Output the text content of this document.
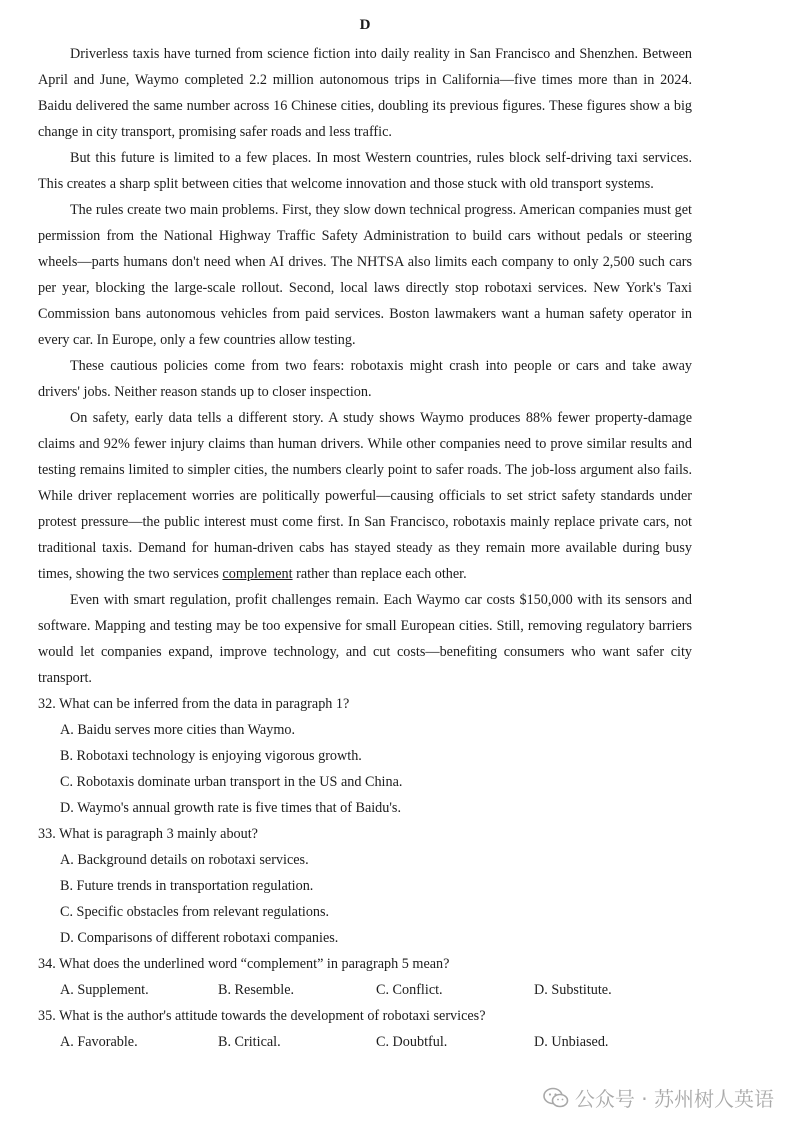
D

Driverless taxis have turned from science fiction into daily reality in San Francisco and Shenzhen. Between April and June, Waymo completed 2.2 million autonomous trips in California—five times more than in 2024. Baidu delivered the same number across 16 Chinese cities, doubling its previous figures. These figures show a big change in city transport, promising safer roads and less traffic.

But this future is limited to a few places. In most Western countries, rules block self-driving taxi services. This creates a sharp split between cities that welcome innovation and those stuck with old transport systems.

The rules create two main problems. First, they slow down technical progress. American companies must get permission from the National Highway Traffic Safety Administration to build cars without pedals or steering wheels—parts humans don't need when AI drives. The NHTSA also limits each company to only 2,500 such cars per year, blocking the large-scale rollout. Second, local laws directly stop robotaxi services. New York's Taxi Commission bans autonomous vehicles from paid services. Boston lawmakers want a human safety operator in every car. In Europe, only a few countries allow testing.

These cautious policies come from two fears: robotaxis might crash into people or cars and take away drivers' jobs. Neither reason stands up to closer inspection.

On safety, early data tells a different story. A study shows Waymo produces 88% fewer property-damage claims and 92% fewer injury claims than human drivers. While other companies need to prove similar results and testing remains limited to simpler cities, the numbers clearly point to safer roads. The job-loss argument also fails. While driver replacement worries are politically powerful—causing officials to set strict safety standards under protest pressure—the public interest must come first. In San Francisco, robotaxis mainly replace private cars, not traditional taxis. Demand for human-driven cabs has stayed steady as they remain more available during busy times, showing the two services complement rather than replace each other.

Even with smart regulation, profit challenges remain. Each Waymo car costs $150,000 with its sensors and software. Mapping and testing may be too expensive for small European cities. Still, removing regulatory barriers would let companies expand, improve technology, and cut costs—benefiting consumers who want safer city transport.

32. What can be inferred from the data in paragraph 1?

A. Baidu serves more cities than Waymo.

B. Robotaxi technology is enjoying vigorous growth.

C. Robotaxis dominate urban transport in the US and China.

D. Waymo's annual growth rate is five times that of Baidu's.

33. What is paragraph 3 mainly about?

A. Background details on robotaxi services.

B. Future trends in transportation regulation.

C. Specific obstacles from relevant regulations.

D. Comparisons of different robotaxi companies.

34. What does the underlined word “complement” in paragraph 5 mean?

A. Supplement.	B. Resemble.	C. Conflict.	D. Substitute.

35. What is the author's attitude towards the development of robotaxi services?

A. Favorable.	B. Critical.	C. Doubtful.	D. Unbiased.
公众号 · 苏州树人英语
